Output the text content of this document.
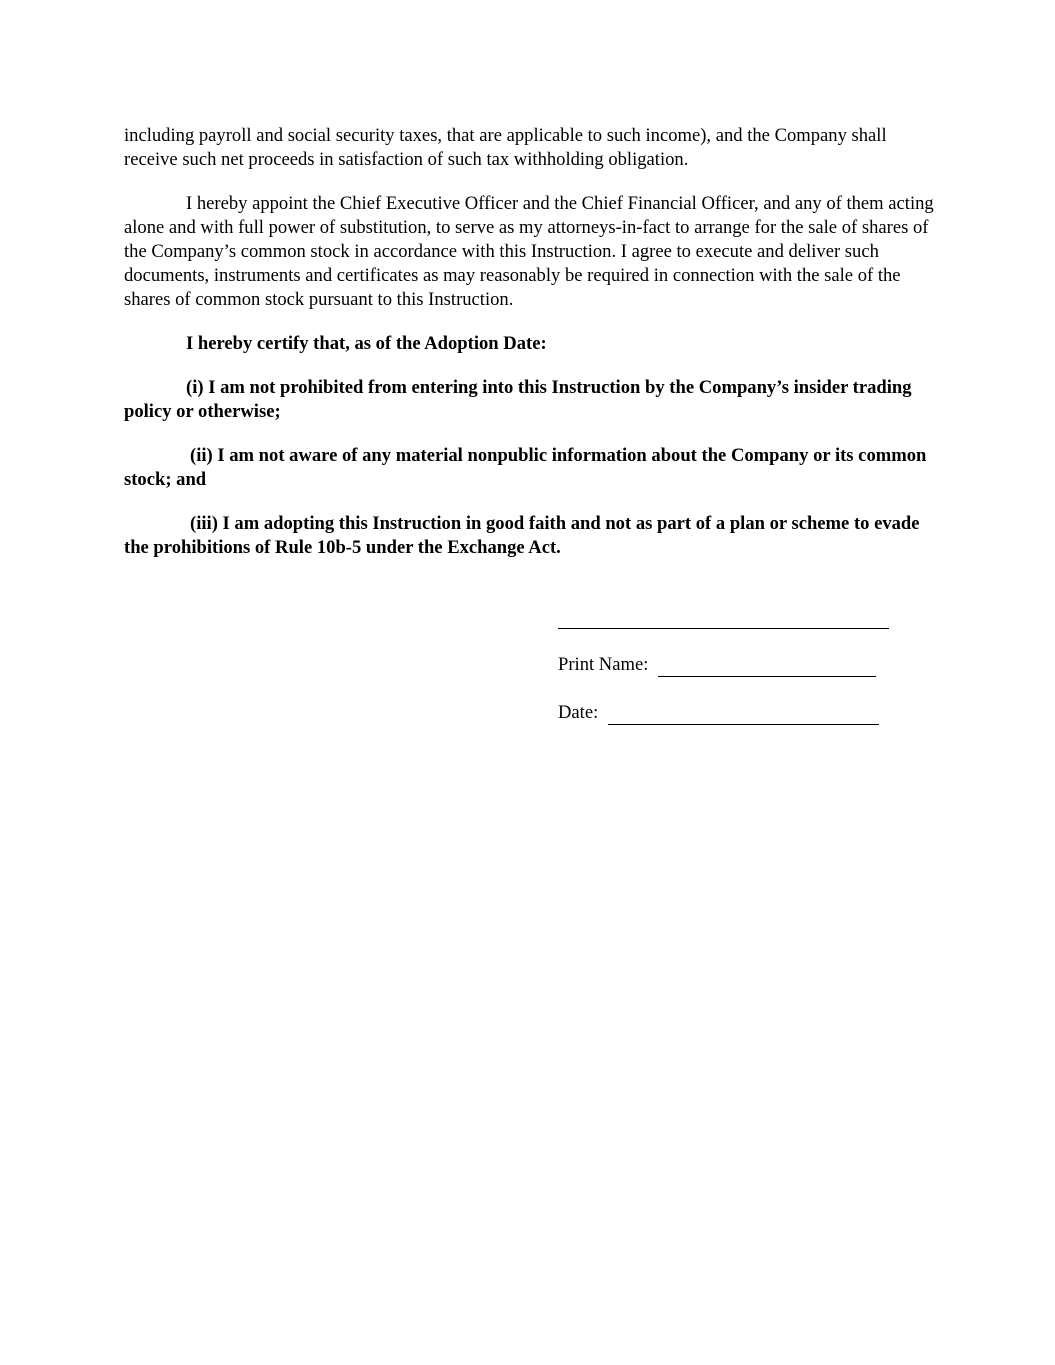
including payroll and social security taxes, that are applicable to such income), and the Company shall receive such net proceeds in satisfaction of such tax withholding obligation.

I hereby appoint the Chief Executive Officer and the Chief Financial Officer, and any of them acting alone and with full power of substitution, to serve as my attorneys-in-fact to arrange for the sale of shares of the Company’s common stock in accordance with this Instruction. I agree to execute and deliver such documents, instruments and certificates as may reasonably be required in connection with the sale of the shares of common stock pursuant to this Instruction.

I hereby certify that, as of the Adoption Date:

(i) I am not prohibited from entering into this Instruction by the Company’s insider trading policy or otherwise;

(ii) I am not aware of any material nonpublic information about the Company or its common stock; and

(iii) I am adopting this Instruction in good faith and not as part of a plan or scheme to evade the prohibitions of Rule 10b-5 under the Exchange Act.

Print Name:
Date:
